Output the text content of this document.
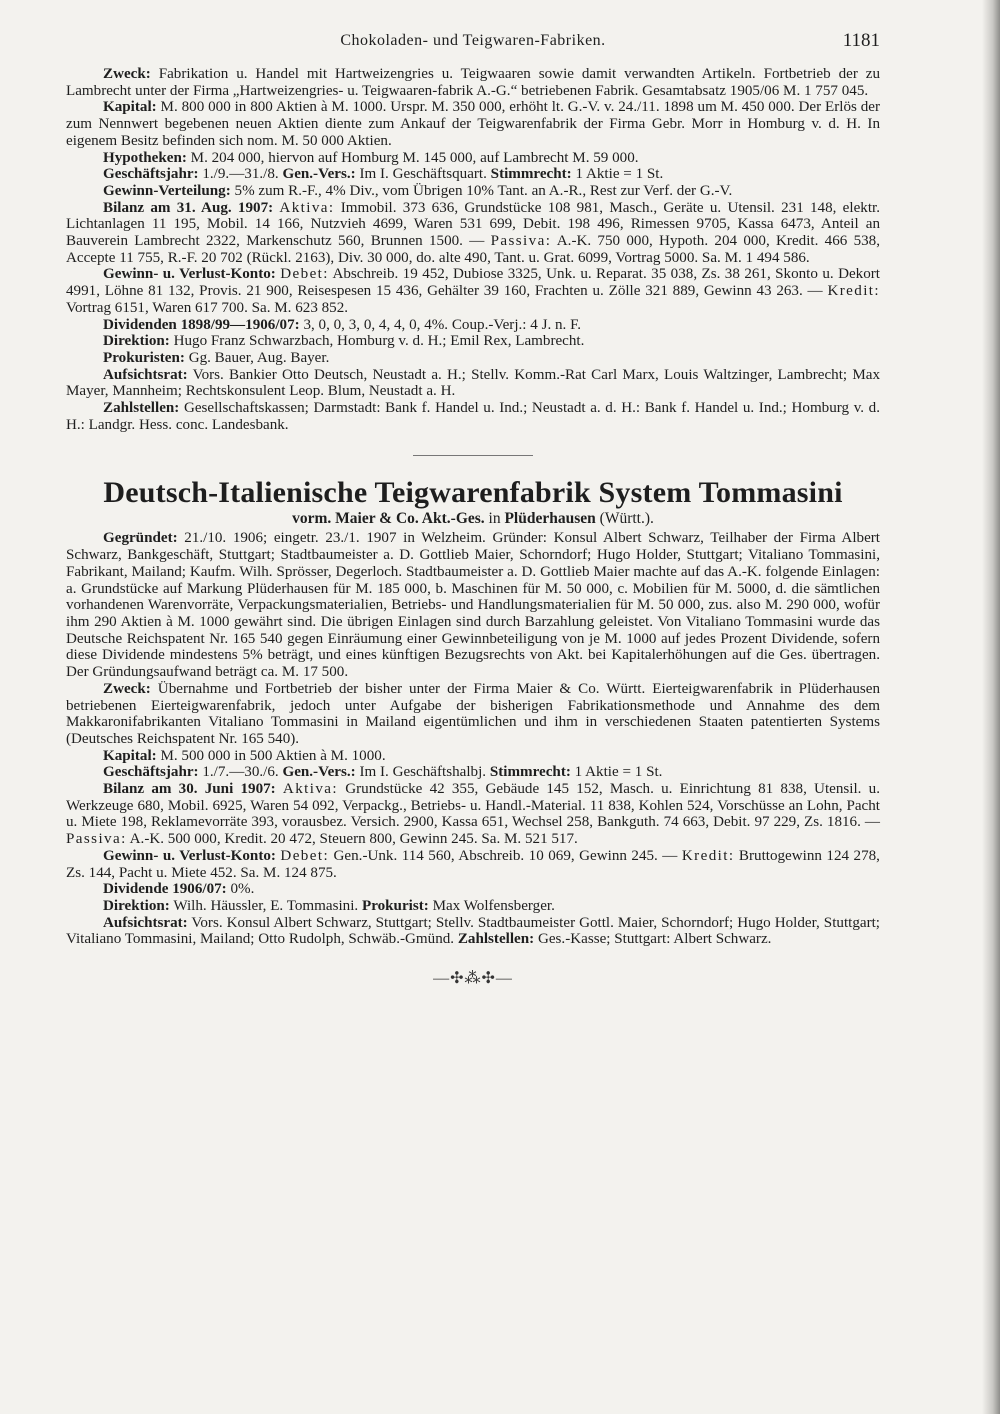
Chokoladen- und Teigwaren-Fabriken.	1181

Zweck: Fabrikation u. Handel mit Hartweizengries u. Teigwaaren sowie damit verwandten Artikeln. Fortbetrieb der zu Lambrecht unter der Firma „Hartweizengries- u. Teigwaaren-fabrik A.-G.“ betriebenen Fabrik. Gesamtabsatz 1905/06 M. 1 757 045.

Kapital: M. 800 000 in 800 Aktien à M. 1000. Urspr. M. 350 000, erhöht lt. G.-V. v. 24./11. 1898 um M. 450 000. Der Erlös der zum Nennwert begebenen neuen Aktien diente zum Ankauf der Teigwarenfabrik der Firma Gebr. Morr in Homburg v. d. H. In eigenem Besitz befinden sich nom. M. 50 000 Aktien.

Hypotheken: M. 204 000, hiervon auf Homburg M. 145 000, auf Lambrecht M. 59 000.

Geschäftsjahr: 1./9.—31./8. Gen.-Vers.: Im I. Geschäftsquart. Stimmrecht: 1 Aktie = 1 St.

Gewinn-Verteilung: 5% zum R.-F., 4% Div., vom Übrigen 10% Tant. an A.-R., Rest zur Verf. der G.-V.

Bilanz am 31. Aug. 1907: Aktiva: Immobil. 373 636, Grundstücke 108 981, Masch., Geräte u. Utensil. 231 148, elektr. Lichtanlagen 11 195, Mobil. 14 166, Nutzvieh 4699, Waren 531 699, Debit. 198 496, Rimessen 9705, Kassa 6473, Anteil an Bauverein Lambrecht 2322, Markenschutz 560, Brunnen 1500. — Passiva: A.-K. 750 000, Hypoth. 204 000, Kredit. 466 538, Accepte 11 755, R.-F. 20 702 (Rückl. 2163), Div. 30 000, do. alte 490, Tant. u. Grat. 6099, Vortrag 5000. Sa. M. 1 494 586.

Gewinn- u. Verlust-Konto: Debet: Abschreib. 19 452, Dubiose 3325, Unk. u. Reparat. 35 038, Zs. 38 261, Skonto u. Dekort 4991, Löhne 81 132, Provis. 21 900, Reisespesen 15 436, Gehälter 39 160, Frachten u. Zölle 321 889, Gewinn 43 263. — Kredit: Vortrag 6151, Waren 617 700. Sa. M. 623 852.

Dividenden 1898/99—1906/07: 3, 0, 0, 3, 0, 4, 4, 0, 4%. Coup.-Verj.: 4 J. n. F.

Direktion: Hugo Franz Schwarzbach, Homburg v. d. H.; Emil Rex, Lambrecht.

Prokuristen: Gg. Bauer, Aug. Bayer.

Aufsichtsrat: Vors. Bankier Otto Deutsch, Neustadt a. H.; Stellv. Komm.-Rat Carl Marx, Louis Waltzinger, Lambrecht; Max Mayer, Mannheim; Rechtskonsulent Leop. Blum, Neustadt a. H.

Zahlstellen: Gesellschaftskassen; Darmstadt: Bank f. Handel u. Ind.; Neustadt a. d. H.: Bank f. Handel u. Ind.; Homburg v. d. H.: Landgr. Hess. conc. Landesbank.

Deutsch-Italienische Teigwarenfabrik System Tommasini
vorm. Maier & Co. Akt.-Ges. in Plüderhausen (Württ.).

Gegründet: 21./10. 1906; eingetr. 23./1. 1907 in Welzheim. Gründer: Konsul Albert Schwarz, Teilhaber der Firma Albert Schwarz, Bankgeschäft, Stuttgart; Stadtbaumeister a. D. Gottlieb Maier, Schorndorf; Hugo Holder, Stuttgart; Vitaliano Tommasini, Fabrikant, Mailand; Kaufm. Wilh. Sprösser, Degerloch. Stadtbaumeister a. D. Gottlieb Maier machte auf das A.-K. folgende Einlagen: a. Grundstücke auf Markung Plüderhausen für M. 185 000, b. Maschinen für M. 50 000, c. Mobilien für M. 5000, d. die sämtlichen vorhandenen Warenvorräte, Verpackungsmaterialien, Betriebs- und Handlungsmaterialien für M. 50 000, zus. also M. 290 000, wofür ihm 290 Aktien à M. 1000 gewährt sind. Die übrigen Einlagen sind durch Barzahlung geleistet. Von Vitaliano Tommasini wurde das Deutsche Reichspatent Nr. 165 540 gegen Einräumung einer Gewinnbeteiligung von je M. 1000 auf jedes Prozent Dividende, sofern diese Dividende mindestens 5% beträgt, und eines künftigen Bezugsrechts von Akt. bei Kapitalerhöhungen auf die Ges. übertragen. Der Gründungsaufwand beträgt ca. M. 17 500.

Zweck: Übernahme und Fortbetrieb der bisher unter der Firma Maier & Co. Württ. Eierteigwarenfabrik in Plüderhausen betriebenen Eierteigwarenfabrik, jedoch unter Aufgabe der bisherigen Fabrikationsmethode und Annahme des dem Makkaronifabrikanten Vitaliano Tommasini in Mailand eigentümlichen und ihm in verschiedenen Staaten patentierten Systems (Deutsches Reichspatent Nr. 165 540).

Kapital: M. 500 000 in 500 Aktien à M. 1000.

Geschäftsjahr: 1./7.—30./6. Gen.-Vers.: Im I. Geschäftshalbj. Stimmrecht: 1 Aktie = 1 St.

Bilanz am 30. Juni 1907: Aktiva: Grundstücke 42 355, Gebäude 145 152, Masch. u. Einrichtung 81 838, Utensil. u. Werkzeuge 680, Mobil. 6925, Waren 54 092, Verpackg., Betriebs- u. Handl.-Material. 11 838, Kohlen 524, Vorschüsse an Lohn, Pacht u. Miete 198, Reklamevorräte 393, vorausbez. Versich. 2900, Kassa 651, Wechsel 258, Bankguth. 74 663, Debit. 97 229, Zs. 1816. — Passiva: A.-K. 500 000, Kredit. 20 472, Steuern 800, Gewinn 245. Sa. M. 521 517.

Gewinn- u. Verlust-Konto: Debet: Gen.-Unk. 114 560, Abschreib. 10 069, Gewinn 245. — Kredit: Bruttogewinn 124 278, Zs. 144, Pacht u. Miete 452. Sa. M. 124 875.

Dividende 1906/07: 0%.

Direktion: Wilh. Häussler, E. Tommasini. Prokurist: Max Wolfensberger.

Aufsichtsrat: Vors. Konsul Albert Schwarz, Stuttgart; Stellv. Stadtbaumeister Gottl. Maier, Schorndorf; Hugo Holder, Stuttgart; Vitaliano Tommasini, Mailand; Otto Rudolph, Schwäb.-Gmünd. Zahlstellen: Ges.-Kasse; Stuttgart: Albert Schwarz.

—✣⁂✣—
